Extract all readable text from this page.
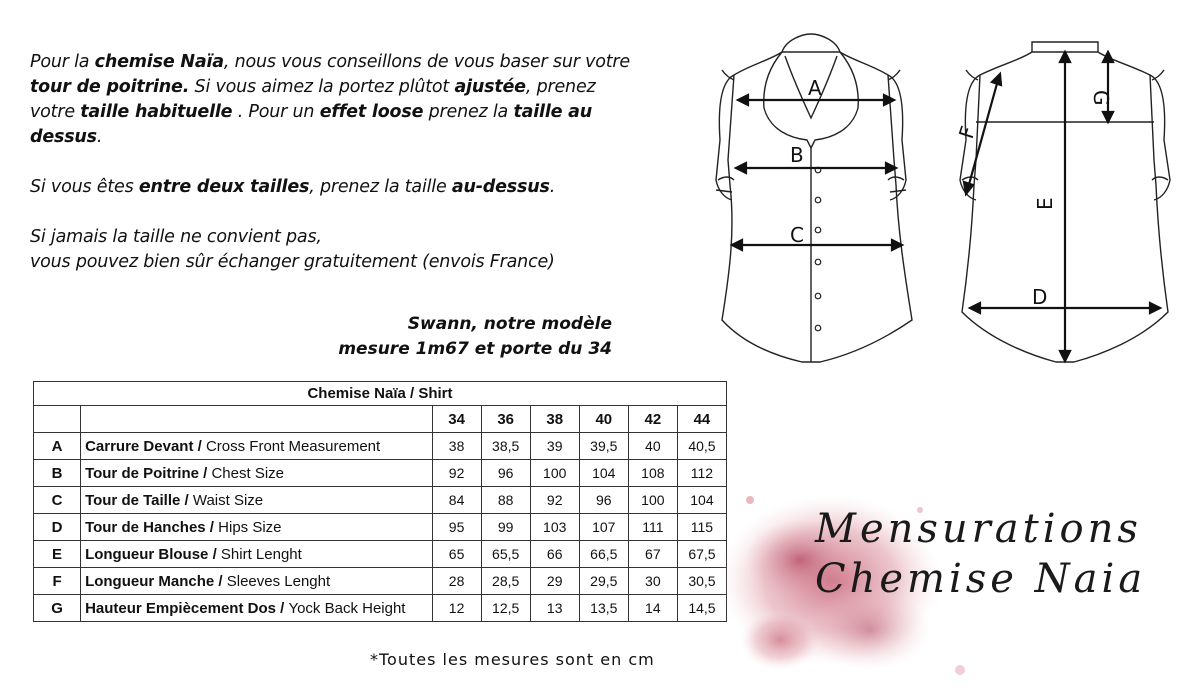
Pour la chemise Naïa, nous vous conseillons de vous baser sur votre tour de poitrine. Si vous aimez la portez plûtot ajustée, prenez votre taille habituelle . Pour un effet loose prenez la taille au dessus.

Si vous êtes entre deux tailles, prenez la taille au-dessus.

Si jamais la taille ne convient pas,
vous pouvez bien sûr échanger gratuitement (envois France)

Swann, notre modèle
mesure 1m67 et porte du 34
A
B
C
G
F
E
D
Chemise Naïa / Shirt							
		34	36	38	40	42	44
A	Carrure Devant / Cross Front Measurement	38	38,5	39	39,5	40	40,5
B	Tour de Poitrine / Chest Size	92	96	100	104	108	112
C	Tour de Taille / Waist Size	84	88	92	96	100	104
D	Tour de Hanches / Hips Size	95	99	103	107	111	115
E	Longueur Blouse / Shirt Lenght	65	65,5	66	66,5	67	67,5
F	Longueur Manche / Sleeves Lenght	28	28,5	29	29,5	30	30,5
G	Hauteur Empiècement Dos / Yock Back Height	12	12,5	13	13,5	14	14,5
*Toutes les mesures sont en cm
Mensurations
Chemise Naia
